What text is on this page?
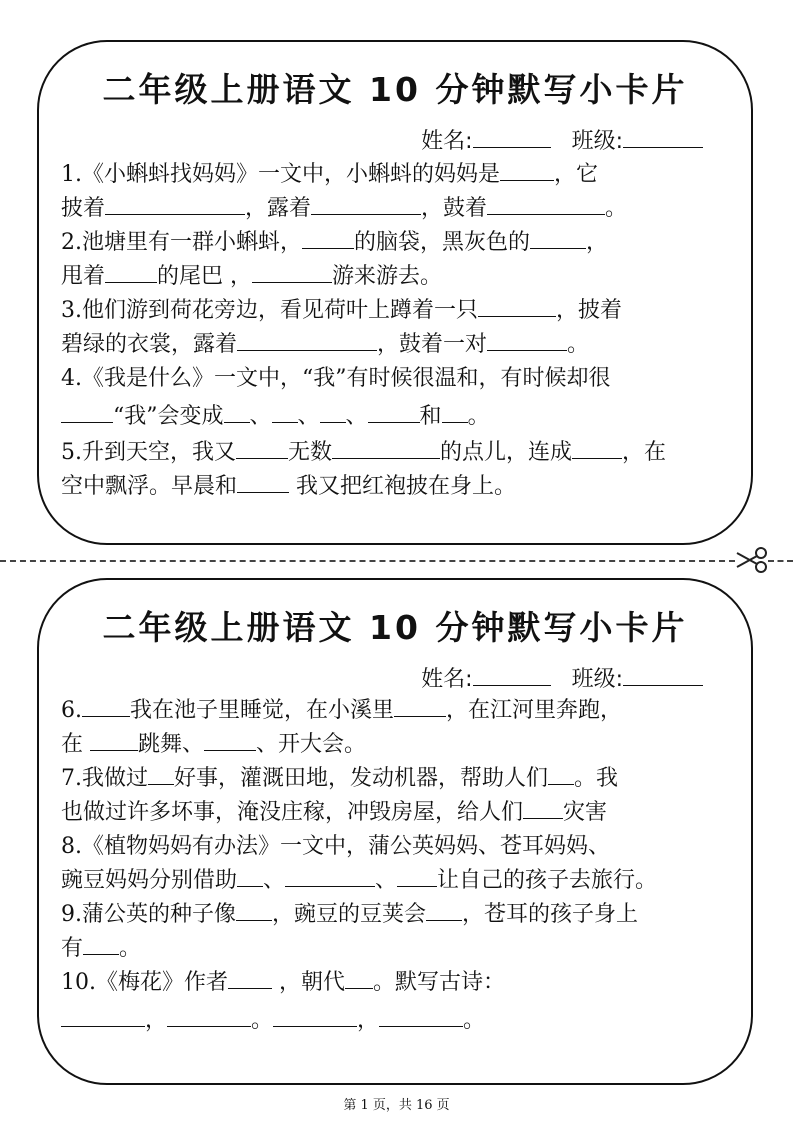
二年级上册语文 10 分钟默写小卡片
姓名:	班级:
1.《小蝌蚪找妈妈》一文中，小蝌蚪的妈妈是 ，它
披着	，露着	，鼓着	。
2.池塘里有一群小蝌蚪， 的脑袋，黑灰色的	，
甩着 的尾巴 ，	游来游去。
3.他们游到荷花旁边，看见荷叶上蹲着一只	，披着
碧绿的衣裳，露着	，鼓着一对	。
4.《我是什么》一文中，“我”有时候很温和，有时候却很
“我”会变成 、 、 、 和 。
5.升到天空，我又 无数	的点儿，连成 ，在
空中飘浮。早晨和 我又把红袍披在身上。
二年级上册语文 10 分钟默写小卡片
姓名:	班级:
6. 我在池子里睡觉，在小溪里 ，在江河里奔跑，
在 跳舞、 、开大会。
7.我做过 好事，灌溉田地，发动机器，帮助人们 。我
也做过许多坏事，淹没庄稼，冲毁房屋，给人们 灾害
8.《植物妈妈有办法》一文中，蒲公英妈妈、苍耳妈妈、
豌豆妈妈分别借助 、	、 让自己的孩子去旅行。
9.蒲公英的种子像 ，豌豆的豆荚会 ，苍耳的孩子身上
有 。
10.《梅花》作者 ，朝代 。默写古诗：
，	。	，	。
第 1 页，共 16 页
